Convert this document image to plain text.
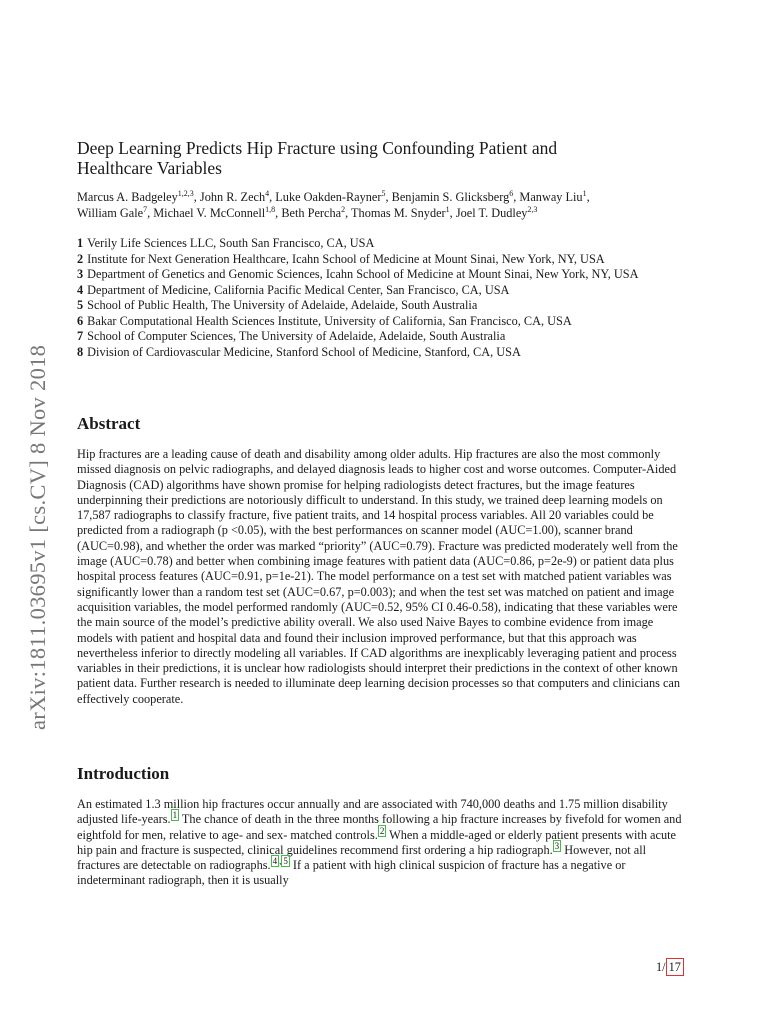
arXiv:1811.03695v1 [cs.CV] 8 Nov 2018
Deep Learning Predicts Hip Fracture using Confounding Patient and
Healthcare Variables
Marcus A. Badgeley$^{1,2,3}$, John R. Zech$^4$, Luke Oakden-Rayner$^5$, Benjamin S. Glicksberg$^6$, Manway Liu$^1$,
William Gale$^7$, Michael V. McConnell$^{1,8}$, Beth Percha$^2$, Thomas M. Snyder$^1$, Joel T. Dudley$^{2,3}$
1 Verily Life Sciences LLC, South San Francisco, CA, USA
2 Institute for Next Generation Healthcare, Icahn School of Medicine at Mount Sinai, New York, NY, USA
3 Department of Genetics and Genomic Sciences, Icahn School of Medicine at Mount Sinai, New York, NY, USA
4 Department of Medicine, California Pacific Medical Center, San Francisco, CA, USA
5 School of Public Health, The University of Adelaide, Adelaide, South Australia
6 Bakar Computational Health Sciences Institute, University of California, San Francisco, CA, USA
7 School of Computer Sciences, The University of Adelaide, Adelaide, South Australia
8 Division of Cardiovascular Medicine, Stanford School of Medicine, Stanford, CA, USA
Abstract
Hip fractures are a leading cause of death and disability among older adults. Hip fractures are also the most commonly missed diagnosis on pelvic radiographs, and delayed diagnosis leads to higher cost and worse outcomes. Computer-Aided Diagnosis (CAD) algorithms have shown promise for helping radiologists detect fractures, but the image features underpinning their predictions are notoriously difficult to understand. In this study, we trained deep learning models on 17,587 radiographs to classify fracture, five patient traits, and 14 hospital process variables. All 20 variables could be predicted from a radiograph (p <0.05), with the best performances on scanner model (AUC=1.00), scanner brand (AUC=0.98), and whether the order was marked “priority” (AUC=0.79). Fracture was predicted moderately well from the image (AUC=0.78) and better when combining image features with patient data (AUC=0.86, p=2e-9) or patient data plus hospital process features (AUC=0.91, p=1e-21). The model performance on a test set with matched patient variables was significantly lower than a random test set (AUC=0.67, p=0.003); and when the test set was matched on patient and image acquisition variables, the model performed randomly (AUC=0.52, 95% CI 0.46-0.58), indicating that these variables were the main source of the model’s predictive ability overall. We also used Naive Bayes to combine evidence from image models with patient and hospital data and found their inclusion improved performance, but that this approach was nevertheless inferior to directly modeling all variables. If CAD algorithms are inexplicably leveraging patient and process variables in their predictions, it is unclear how radiologists should interpret their predictions in the context of other known patient data. Further research is needed to illuminate deep learning decision processes so that computers and clinicians can effectively cooperate.
Introduction
An estimated 1.3 million hip fractures occur annually and are associated with 740,000 deaths and 1.75 million disability adjusted life-years. $^1$ The chance of death in the three months following a hip fracture increases by fivefold for women and eightfold for men, relative to age- and sex- matched controls. $^2$ When a middle-aged or elderly patient presents with acute hip pain and fracture is suspected, clinical guidelines recommend first ordering a hip radiograph. $^3$ However, not all fractures are detectable on radiographs. $^4$ , $^5$ If a patient with high clinical suspicion of fracture has a negative or indeterminant radiograph, then it is usually
1/ 17
